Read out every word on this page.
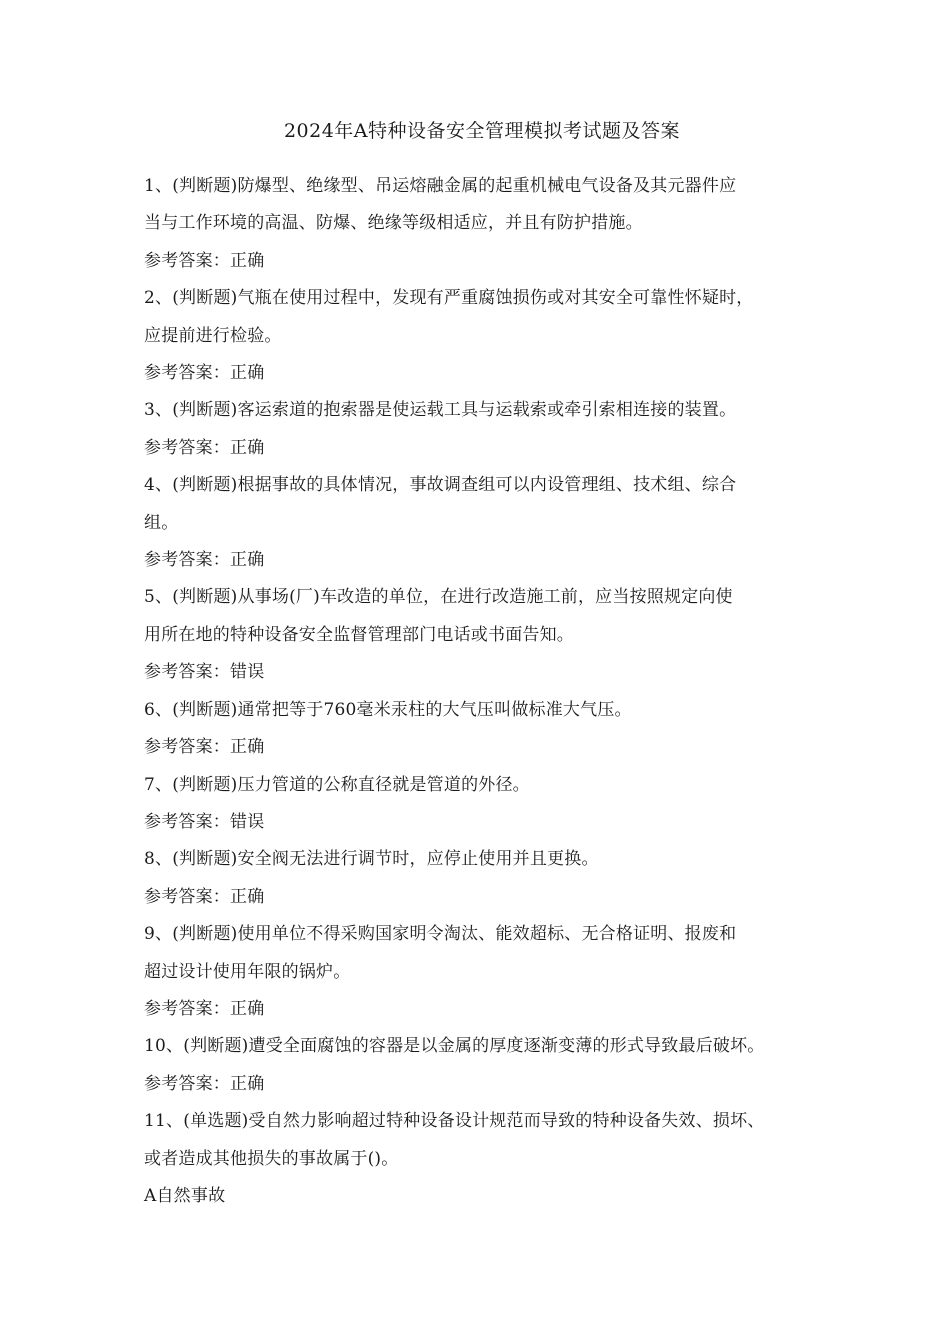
2024年A特种设备安全管理模拟考试题及答案

1、(判断题)防爆型、绝缘型、吊运熔融金属的起重机械电气设备及其元器件应

当与工作环境的高温、防爆、绝缘等级相适应，并且有防护措施。

参考答案：正确

2、(判断题)气瓶在使用过程中，发现有严重腐蚀损伤或对其安全可靠性怀疑时，

应提前进行检验。

参考答案：正确

3、(判断题)客运索道的抱索器是使运载工具与运载索或牵引索相连接的装置。

参考答案：正确

4、(判断题)根据事故的具体情况，事故调查组可以内设管理组、技术组、综合

组。

参考答案：正确

5、(判断题)从事场(厂)车改造的单位，在进行改造施工前，应当按照规定向使

用所在地的特种设备安全监督管理部门电话或书面告知。

参考答案：错误

6、(判断题)通常把等于760毫米汞柱的大气压叫做标准大气压。

参考答案：正确

7、(判断题)压力管道的公称直径就是管道的外径。

参考答案：错误

8、(判断题)安全阀无法进行调节时，应停止使用并且更换。

参考答案：正确

9、(判断题)使用单位不得采购国家明令淘汰、能效超标、无合格证明、报废和

超过设计使用年限的锅炉。

参考答案：正确

10、(判断题)遭受全面腐蚀的容器是以金属的厚度逐渐变薄的形式导致最后破坏。

参考答案：正确

11、(单选题)受自然力影响超过特种设备设计规范而导致的特种设备失效、损坏、

或者造成其他损失的事故属于()。

A自然事故
